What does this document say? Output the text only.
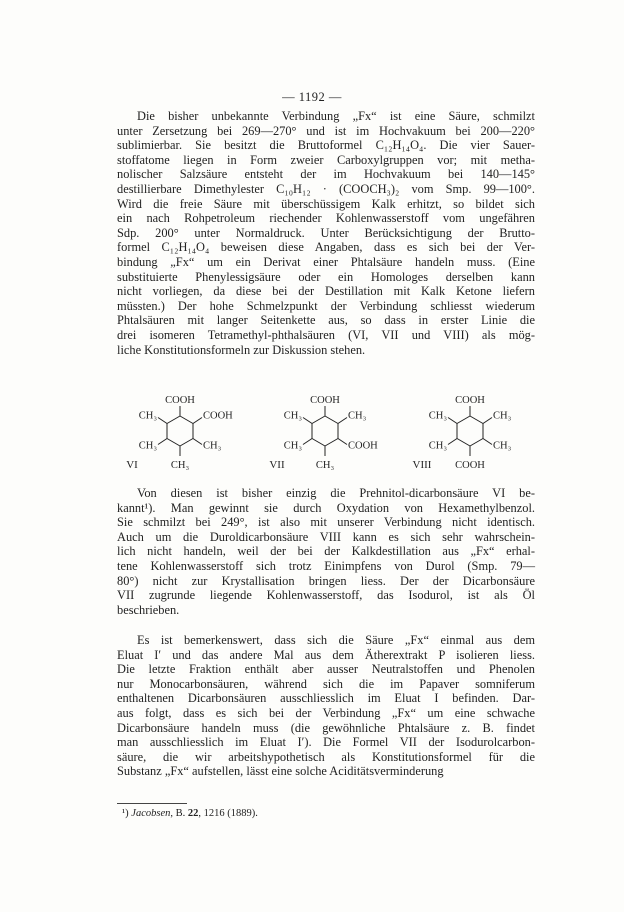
— 1192 —

Die bisher unbekannte Verbindung „Fx“ ist eine Säure, schmilzt
unter Zersetzung bei 269—270° und ist im Hochvakuum bei 200—220°
sublimierbar. Sie besitzt die Bruttoformel C₁₂H₁₄O₄. Die vier Sauer-
stoffatome liegen in Form zweier Carboxylgruppen vor; mit metha-
nolischer Salzsäure entsteht der im Hochvakuum bei 140—145°
destillierbare Dimethylester C₁₀H₁₂ · (COOCH₃)₂ vom Smp. 99—100°.
Wird die freie Säure mit überschüssigem Kalk erhitzt, so bildet sich
ein nach Rohpetroleum riechender Kohlenwasserstoff vom ungefähren
Sdp. 200° unter Normaldruck. Unter Berücksichtigung der Brutto-
formel C₁₂H₁₄O₄ beweisen diese Angaben, dass es sich bei der Ver-
bindung „Fx“ um ein Derivat einer Phtalsäure handeln muss. (Eine
substituierte Phenylessigsäure oder ein Homologes derselben kann
nicht vorliegen, da diese bei der Destillation mit Kalk Ketone liefern
müssten.) Der hohe Schmelzpunkt der Verbindung schliesst wiederum
Phtalsäuren mit langer Seitenkette aus, so dass in erster Linie die
drei isomeren Tetramethyl-phthalsäuren (VI, VII und VIII) als mög-
liche Konstitutionsformeln zur Diskussion stehen.

COOH
CH₃	COOH
CH₃	CH₃
CH₃
VI
COOH
CH₃	CH₃
CH₃	COOH
CH₃
VII
COOH
CH₃	CH₃
CH₃	CH₃
COOH
VIII

Von diesen ist bisher einzig die Prehnitol-dicarbonsäure VI be-
kannt¹). Man gewinnt sie durch Oxydation von Hexamethylbenzol.
Sie schmilzt bei 249°, ist also mit unserer Verbindung nicht identisch.
Auch um die Duroldicarbonsäure VIII kann es sich sehr wahrschein-
lich nicht handeln, weil der bei der Kalkdestillation aus „Fx“ erhal-
tene Kohlenwasserstoff sich trotz Einimpfens von Durol (Smp. 79—
80°) nicht zur Krystallisation bringen liess. Der der Dicarbonsäure
VII zugrunde liegende Kohlenwasserstoff, das Isodurol, ist als Öl
beschrieben.

Es ist bemerkenswert, dass sich die Säure „Fx“ einmal aus dem
Eluat I′ und das andere Mal aus dem Ätherextrakt P isolieren liess.
Die letzte Fraktion enthält aber ausser Neutralstoffen und Phenolen
nur Monocarbonsäuren, während sich die im Papaver somniferum
enthaltenen Dicarbonsäuren ausschliesslich im Eluat I befinden. Dar-
aus folgt, dass es sich bei der Verbindung „Fx“ um eine schwache
Dicarbonsäure handeln muss (die gewöhnliche Phtalsäure z. B. findet
man ausschliesslich im Eluat I′). Die Formel VII der Isodurolcarbon-
säure, die wir arbeitshypothetisch als Konstitutionsformel für die
Substanz „Fx“ aufstellen, lässt eine solche Aciditätsverminderung

¹) Jacobsen, B. 22, 1216 (1889).
